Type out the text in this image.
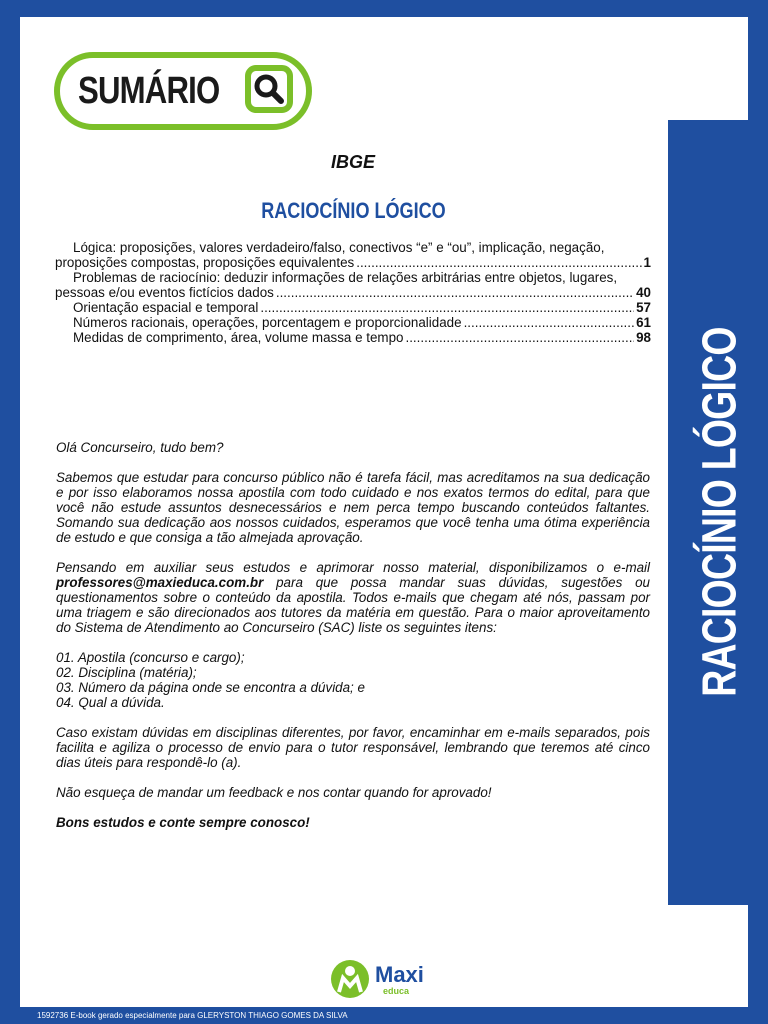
RACIOCÍNIO LÓGICO
SUMÁRIO
IBGE
RACIOCÍNIO LÓGICO
Lógica: proposições, valores verdadeiro/falso, conectivos “e” e “ou”, implicação, negação,
proposições compostas, proposições equivalentes .....	1
Problemas de raciocínio: deduzir informações de relações arbitrárias entre objetos, lugares,
pessoas e/ou eventos fictícios dados .....	40
Orientação espacial e temporal .....	57
Números racionais, operações, porcentagem e proporcionalidade .....	61
Medidas de comprimento, área, volume massa e tempo .....	98

Olá Concurseiro, tudo bem?

Sabemos que estudar para concurso público não é tarefa fácil, mas acreditamos na sua dedicação e por isso elaboramos nossa apostila com todo cuidado e nos exatos termos do edital, para que você não estude assuntos desnecessários e nem perca tempo buscando conteúdos faltantes. Somando sua dedicação aos nossos cuidados, esperamos que você tenha uma ótima experiência de estudo e que consiga a tão almejada aprovação.

Pensando em auxiliar seus estudos e aprimorar nosso material, disponibilizamos o e-mail professores@maxieduca.com.br para que possa mandar suas dúvidas, sugestões ou questionamentos sobre o conteúdo da apostila. Todos e-mails que chegam até nós, passam por uma triagem e são direcionados aos tutores da matéria em questão. Para o maior aproveitamento do Sistema de Atendimento ao Concurseiro (SAC) liste os seguintes itens:

01. Apostila (concurso e cargo);

02. Disciplina (matéria);

03. Número da página onde se encontra a dúvida; e

04. Qual a dúvida.

Caso existam dúvidas em disciplinas diferentes, por favor, encaminhar em e-mails separados, pois facilita e agiliza o processo de envio para o tutor responsável, lembrando que teremos até cinco dias úteis para respondê-lo (a).

Não esqueça de mandar um feedback e nos contar quando for aprovado!

Bons estudos e conte sempre conosco!

Maxi
educa
1592736 E-book gerado especialmente para GLERYSTON THIAGO GOMES DA SILVA
